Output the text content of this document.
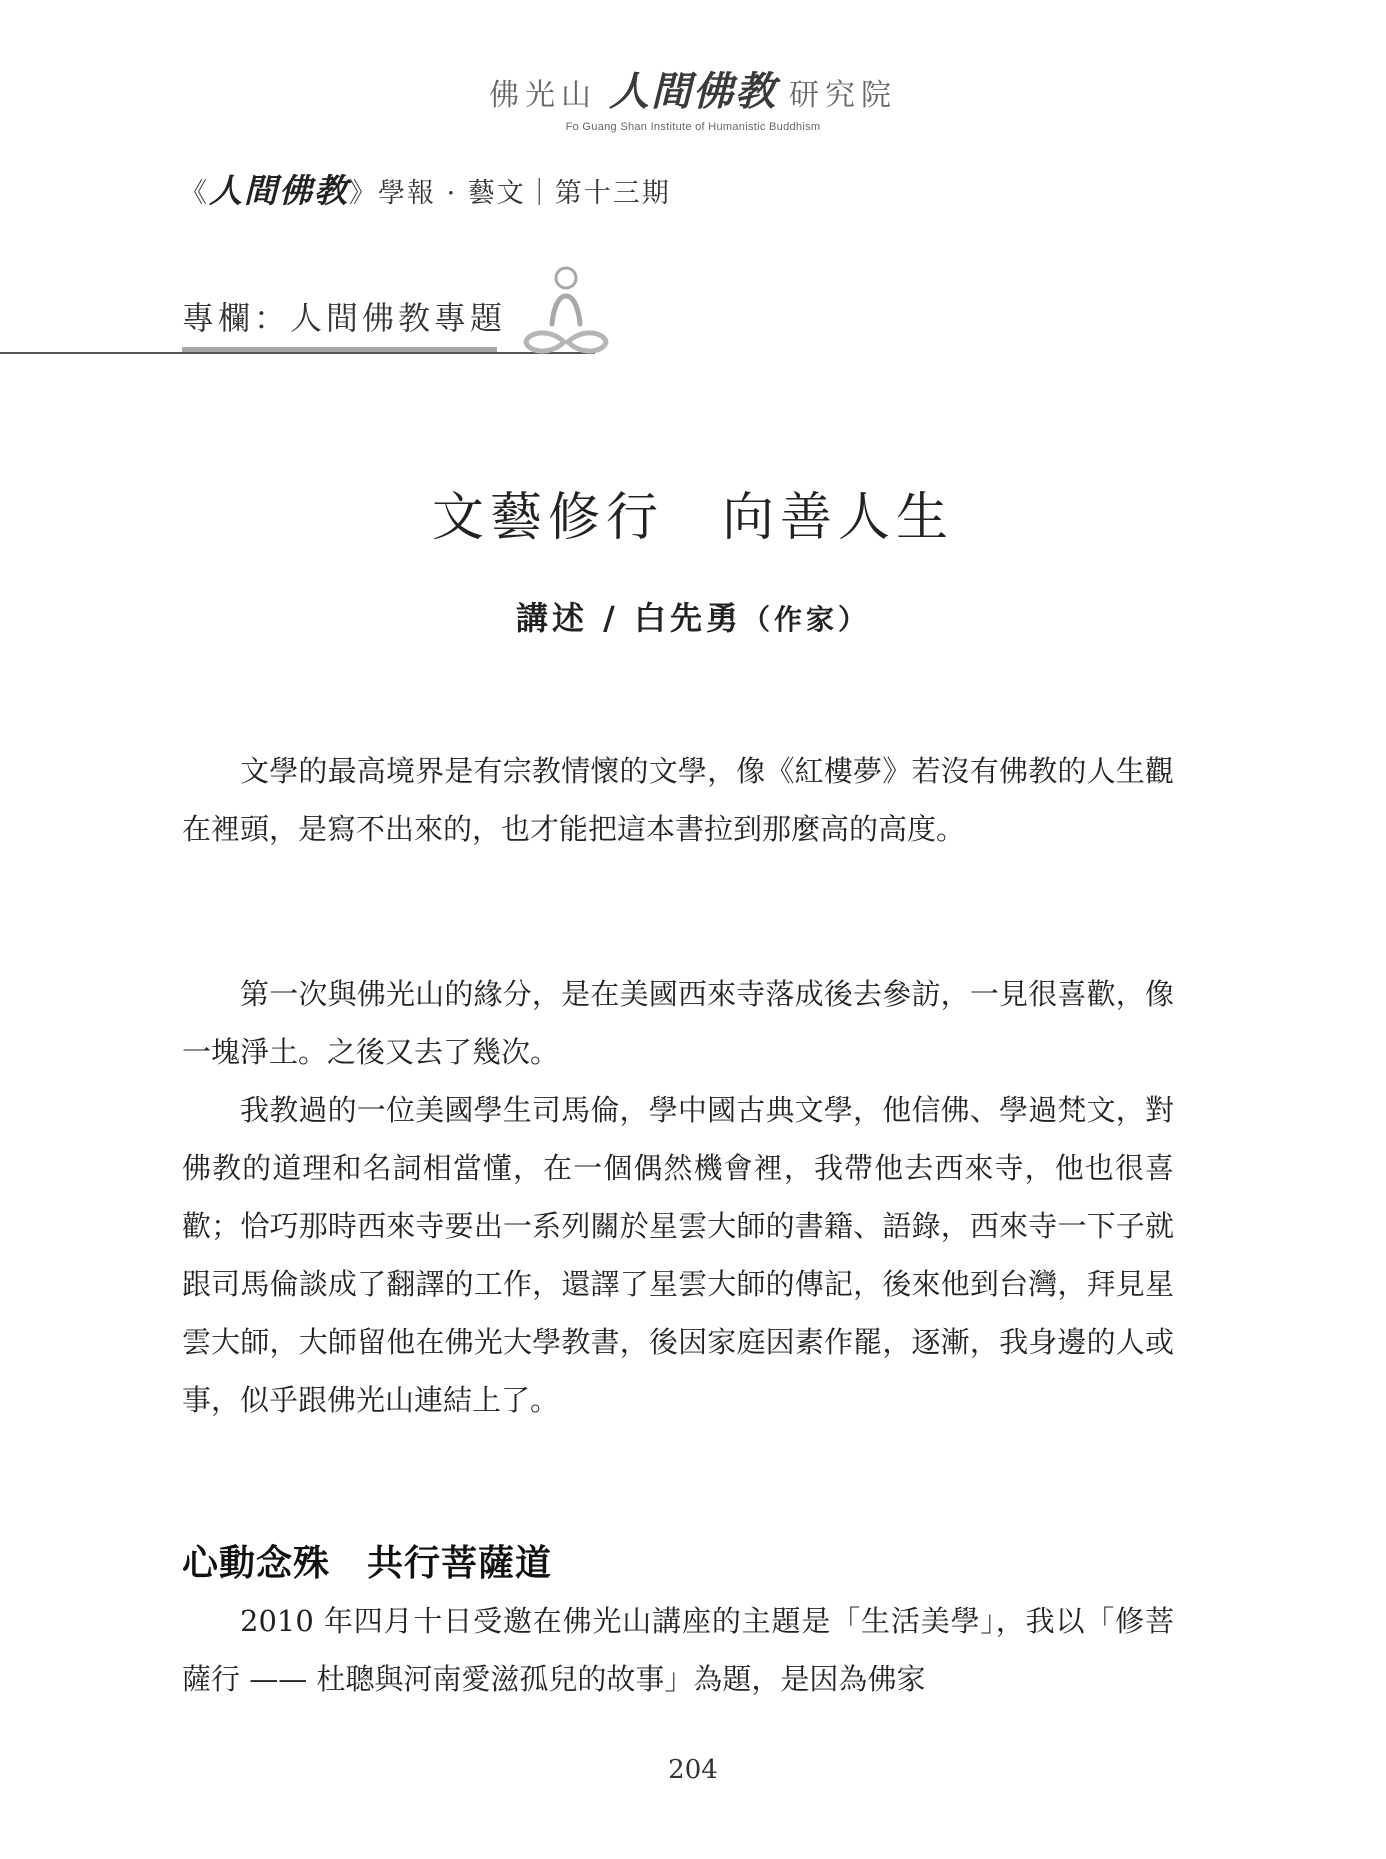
佛光山 人間佛教 研究院
Fo Guang Shan Institute of Humanistic Buddhism
《人間佛教》學報 · 藝文｜第十三期
專欄：人間佛教專題
文藝修行　向善人生
講述 / 白先勇（作家）

文學的最高境界是有宗教情懷的文學，像《紅樓夢》若沒有佛教的人生觀在裡頭，是寫不出來的，也才能把這本書拉到那麼高的高度。

第一次與佛光山的緣分，是在美國西來寺落成後去參訪，一見很喜歡，像一塊淨土。之後又去了幾次。

我教過的一位美國學生司馬倫，學中國古典文學，他信佛、學過梵文，對佛教的道理和名詞相當懂，在一個偶然機會裡，我帶他去西來寺，他也很喜歡；恰巧那時西來寺要出一系列關於星雲大師的書籍、語錄，西來寺一下子就跟司馬倫談成了翻譯的工作，還譯了星雲大師的傳記，後來他到台灣，拜見星雲大師，大師留他在佛光大學教書，後因家庭因素作罷，逐漸，我身邊的人或事，似乎跟佛光山連結上了。

心動念殊　共行菩薩道

2010 年四月十日受邀在佛光山講座的主題是「生活美學」，我以「修菩薩行 —— 杜聰與河南愛滋孤兒的故事」為題，是因為佛家

204
